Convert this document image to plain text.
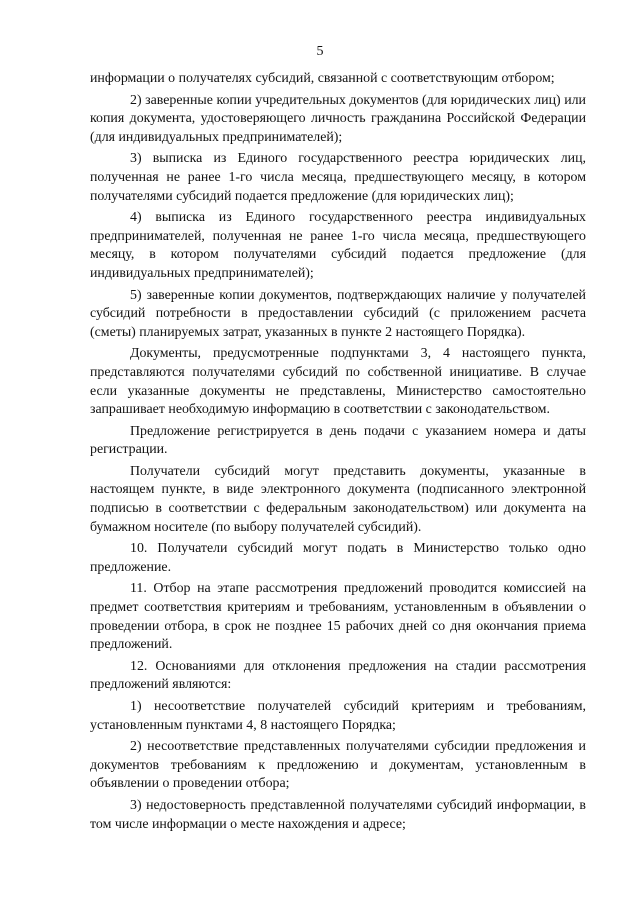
5

информации о получателях субсидий, связанной с соответствующим отбором;

2) заверенные копии учредительных документов (для юридических лиц) или копия документа, удостоверяющего личность гражданина Российской Федерации (для индивидуальных предпринимателей);

3) выписка из Единого государственного реестра юридических лиц, полученная не ранее 1-го числа месяца, предшествующего месяцу, в котором получателями субсидий подается предложение (для юридических лиц);

4) выписка из Единого государственного реестра индивидуальных предпринимателей, полученная не ранее 1-го числа месяца, предшествующего месяцу, в котором получателями субсидий подается предложение (для индивидуальных предпринимателей);

5) заверенные копии документов, подтверждающих наличие у получателей субсидий потребности в предоставлении субсидий (с приложением расчета (сметы) планируемых затрат, указанных в пункте 2 настоящего Порядка).

Документы, предусмотренные подпунктами 3, 4 настоящего пункта, представляются получателями субсидий по собственной инициативе. В случае если указанные документы не представлены, Министерство самостоятельно запрашивает необходимую информацию в соответствии с законодательством.

Предложение регистрируется в день подачи с указанием номера и даты регистрации.

Получатели субсидий могут представить документы, указанные в настоящем пункте, в виде электронного документа (подписанного электронной подписью в соответствии с федеральным законодательством) или документа на бумажном носителе (по выбору получателей субсидий).

10. Получатели субсидий могут подать в Министерство только одно предложение.

11. Отбор на этапе рассмотрения предложений проводится комиссией на предмет соответствия критериям и требованиям, установленным в объявлении о проведении отбора, в срок не позднее 15 рабочих дней со дня окончания приема предложений.

12. Основаниями для отклонения предложения на стадии рассмотрения предложений являются:

1) несоответствие получателей субсидий критериям и требованиям, установленным пунктами 4, 8 настоящего Порядка;

2) несоответствие представленных получателями субсидии предложения и документов требованиям к предложению и документам, установленным в объявлении о проведении отбора;

3) недостоверность представленной получателями субсидий информации, в том числе информации о месте нахождения и адресе;
